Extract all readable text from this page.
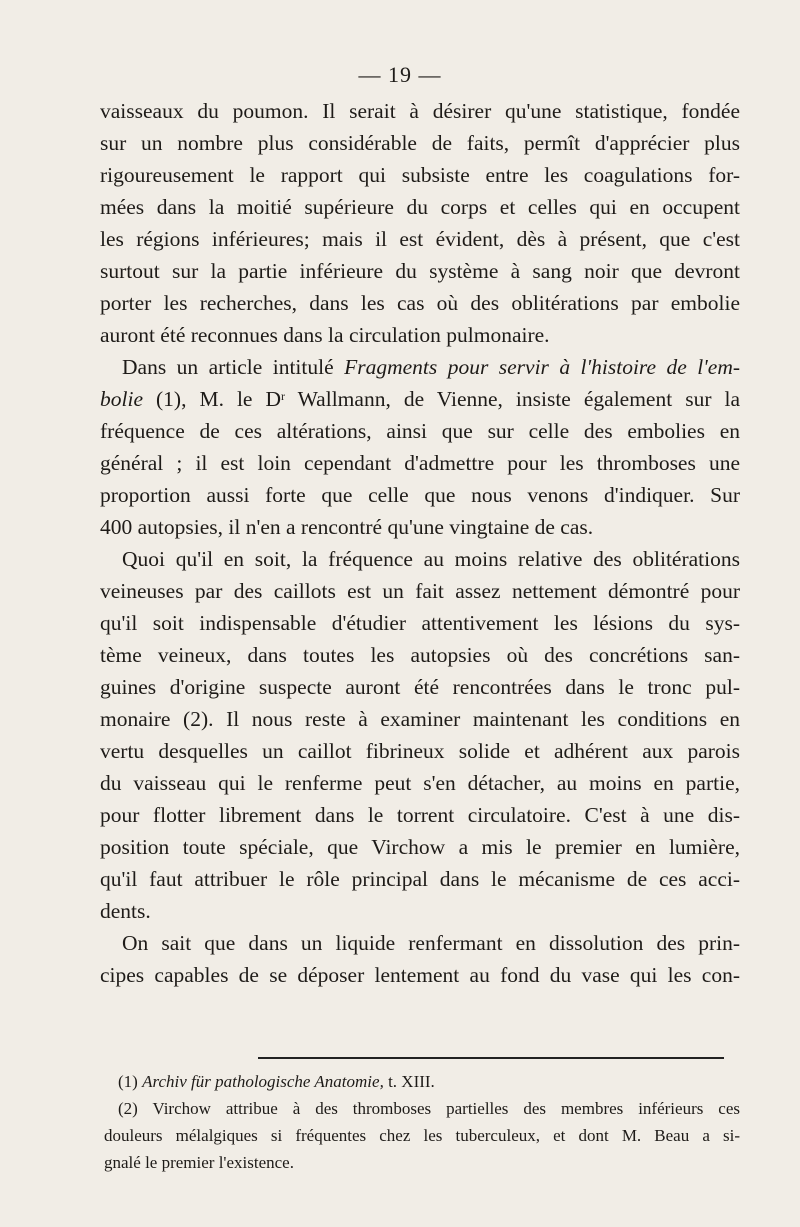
— 19 —
vaisseaux du poumon. Il serait à désirer qu'une statistique, fondée
sur un nombre plus considérable de faits, permît d'apprécier plus
rigoureusement le rapport qui subsiste entre les coagulations for-
mées dans la moitié supérieure du corps et celles qui en occupent
les régions inférieures; mais il est évident, dès à présent, que c'est
surtout sur la partie inférieure du système à sang noir que devront
porter les recherches, dans les cas où des oblitérations par embolie
auront été reconnues dans la circulation pulmonaire.
Dans un article intitulé Fragments pour servir à l'histoire de l'em-
bolie (1), M. le $D^r$ Wallmann, de Vienne, insiste également sur la
fréquence de ces altérations, ainsi que sur celle des embolies en
général ; il est loin cependant d'admettre pour les thromboses une
proportion aussi forte que celle que nous venons d'indiquer. Sur
400 autopsies, il n'en a rencontré qu'une vingtaine de cas.
Quoi qu'il en soit, la fréquence au moins relative des oblitérations
veineuses par des caillots est un fait assez nettement démontré pour
qu'il soit indispensable d'étudier attentivement les lésions du sys-
tème veineux, dans toutes les autopsies où des concrétions san-
guines d'origine suspecte auront été rencontrées dans le tronc pul-
monaire (2). Il nous reste à examiner maintenant les conditions en
vertu desquelles un caillot fibrineux solide et adhérent aux parois
du vaisseau qui le renferme peut s'en détacher, au moins en partie,
pour flotter librement dans le torrent circulatoire. C'est à une dis-
position toute spéciale, que Virchow a mis le premier en lumière,
qu'il faut attribuer le rôle principal dans le mécanisme de ces acci-
dents.
On sait que dans un liquide renfermant en dissolution des prin-
cipes capables de se déposer lentement au fond du vase qui les con-
(1) Archiv für pathologische Anatomie, t. XIII.
(2) Virchow attribue à des thromboses partielles des membres inférieurs ces
douleurs mélalgiques si fréquentes chez les tuberculeux, et dont M. Beau a si-
gnalé le premier l'existence.
